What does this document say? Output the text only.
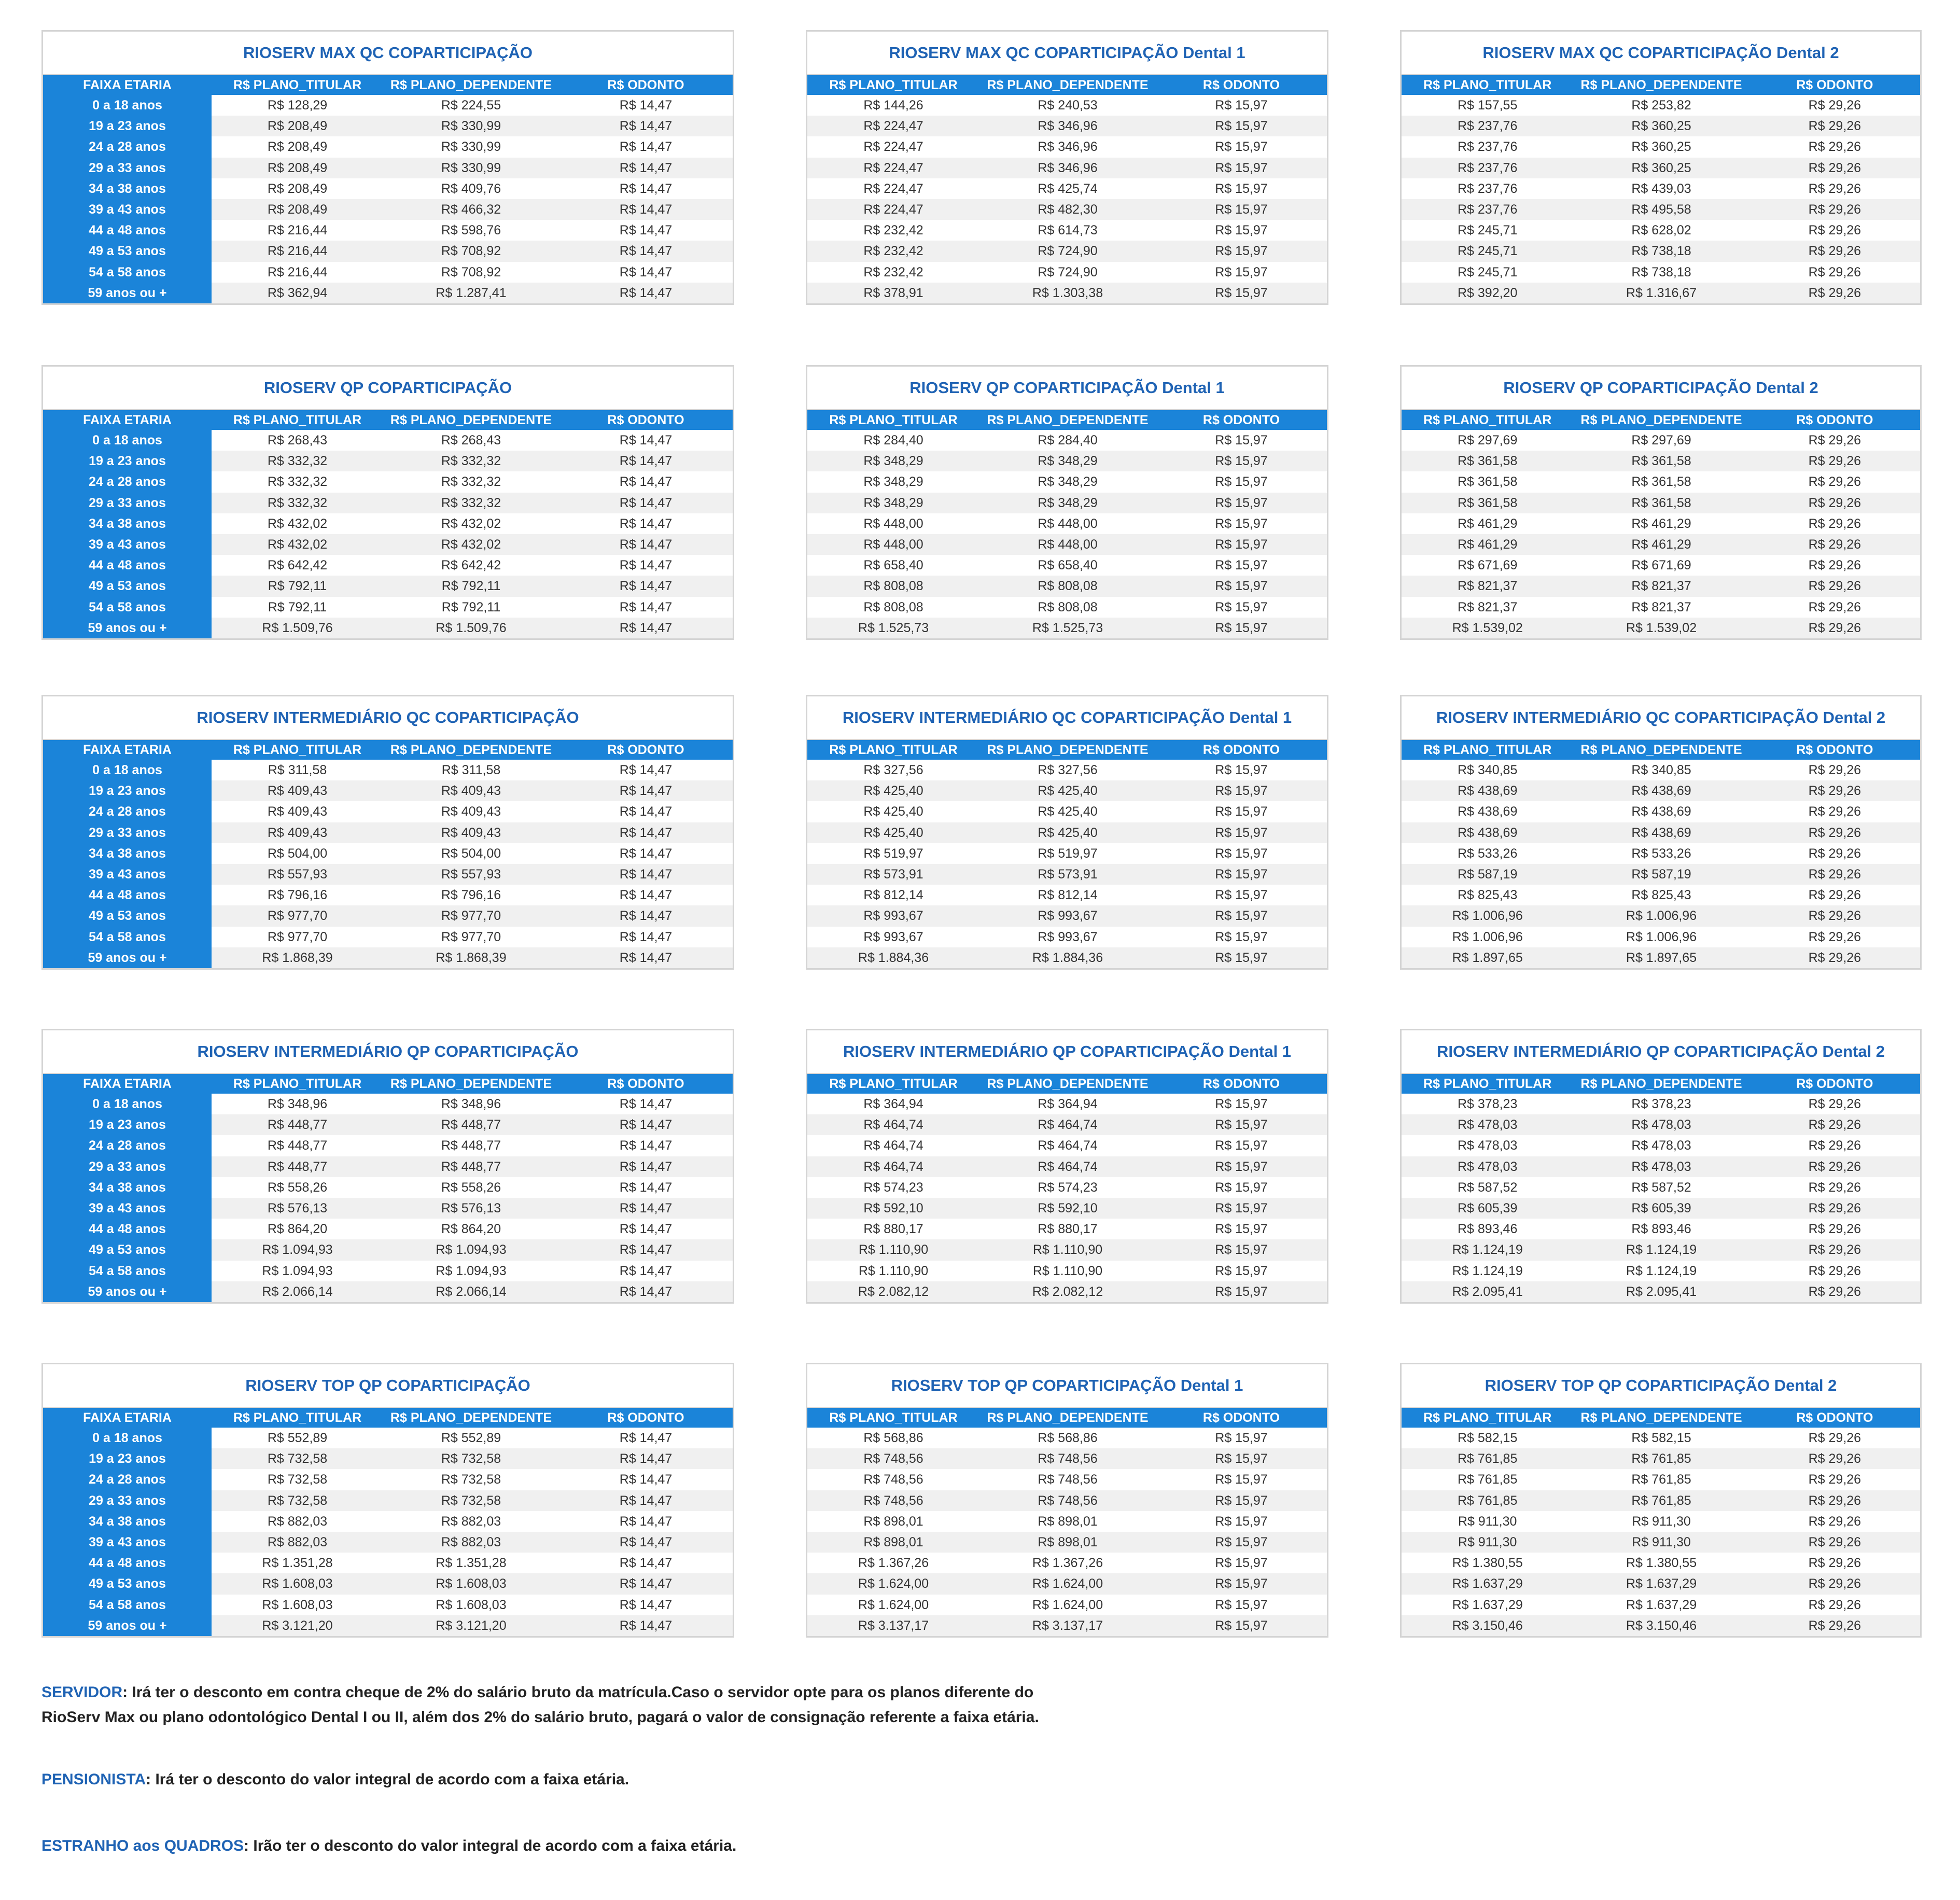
RIOSERV MAX QC COPARTICIPAÇÃO
FAIXA ETARIA	R$ PLANO_TITULAR	R$ PLANO_DEPENDENTE	R$ ODONTO
0 a 18 anos	R$ 128,29	R$ 224,55	R$ 14,47
19 a 23 anos	R$ 208,49	R$ 330,99	R$ 14,47
24 a 28 anos	R$ 208,49	R$ 330,99	R$ 14,47
29 a 33 anos	R$ 208,49	R$ 330,99	R$ 14,47
34 a 38 anos	R$ 208,49	R$ 409,76	R$ 14,47
39 a 43 anos	R$ 208,49	R$ 466,32	R$ 14,47
44 a 48 anos	R$ 216,44	R$ 598,76	R$ 14,47
49 a 53 anos	R$ 216,44	R$ 708,92	R$ 14,47
54 a 58 anos	R$ 216,44	R$ 708,92	R$ 14,47
59 anos ou +	R$ 362,94	R$ 1.287,41	R$ 14,47
RIOSERV MAX QC COPARTICIPAÇÃO Dental 1
R$ PLANO_TITULAR	R$ PLANO_DEPENDENTE	R$ ODONTO
R$ 144,26	R$ 240,53	R$ 15,97
R$ 224,47	R$ 346,96	R$ 15,97
R$ 224,47	R$ 346,96	R$ 15,97
R$ 224,47	R$ 346,96	R$ 15,97
R$ 224,47	R$ 425,74	R$ 15,97
R$ 224,47	R$ 482,30	R$ 15,97
R$ 232,42	R$ 614,73	R$ 15,97
R$ 232,42	R$ 724,90	R$ 15,97
R$ 232,42	R$ 724,90	R$ 15,97
R$ 378,91	R$ 1.303,38	R$ 15,97
RIOSERV MAX QC COPARTICIPAÇÃO Dental 2
R$ PLANO_TITULAR	R$ PLANO_DEPENDENTE	R$ ODONTO
R$ 157,55	R$ 253,82	R$ 29,26
R$ 237,76	R$ 360,25	R$ 29,26
R$ 237,76	R$ 360,25	R$ 29,26
R$ 237,76	R$ 360,25	R$ 29,26
R$ 237,76	R$ 439,03	R$ 29,26
R$ 237,76	R$ 495,58	R$ 29,26
R$ 245,71	R$ 628,02	R$ 29,26
R$ 245,71	R$ 738,18	R$ 29,26
R$ 245,71	R$ 738,18	R$ 29,26
R$ 392,20	R$ 1.316,67	R$ 29,26
RIOSERV QP COPARTICIPAÇÃO
FAIXA ETARIA	R$ PLANO_TITULAR	R$ PLANO_DEPENDENTE	R$ ODONTO
0 a 18 anos	R$ 268,43	R$ 268,43	R$ 14,47
19 a 23 anos	R$ 332,32	R$ 332,32	R$ 14,47
24 a 28 anos	R$ 332,32	R$ 332,32	R$ 14,47
29 a 33 anos	R$ 332,32	R$ 332,32	R$ 14,47
34 a 38 anos	R$ 432,02	R$ 432,02	R$ 14,47
39 a 43 anos	R$ 432,02	R$ 432,02	R$ 14,47
44 a 48 anos	R$ 642,42	R$ 642,42	R$ 14,47
49 a 53 anos	R$ 792,11	R$ 792,11	R$ 14,47
54 a 58 anos	R$ 792,11	R$ 792,11	R$ 14,47
59 anos ou +	R$ 1.509,76	R$ 1.509,76	R$ 14,47
RIOSERV QP COPARTICIPAÇÃO Dental 1
R$ PLANO_TITULAR	R$ PLANO_DEPENDENTE	R$ ODONTO
R$ 284,40	R$ 284,40	R$ 15,97
R$ 348,29	R$ 348,29	R$ 15,97
R$ 348,29	R$ 348,29	R$ 15,97
R$ 348,29	R$ 348,29	R$ 15,97
R$ 448,00	R$ 448,00	R$ 15,97
R$ 448,00	R$ 448,00	R$ 15,97
R$ 658,40	R$ 658,40	R$ 15,97
R$ 808,08	R$ 808,08	R$ 15,97
R$ 808,08	R$ 808,08	R$ 15,97
R$ 1.525,73	R$ 1.525,73	R$ 15,97
RIOSERV QP COPARTICIPAÇÃO Dental 2
R$ PLANO_TITULAR	R$ PLANO_DEPENDENTE	R$ ODONTO
R$ 297,69	R$ 297,69	R$ 29,26
R$ 361,58	R$ 361,58	R$ 29,26
R$ 361,58	R$ 361,58	R$ 29,26
R$ 361,58	R$ 361,58	R$ 29,26
R$ 461,29	R$ 461,29	R$ 29,26
R$ 461,29	R$ 461,29	R$ 29,26
R$ 671,69	R$ 671,69	R$ 29,26
R$ 821,37	R$ 821,37	R$ 29,26
R$ 821,37	R$ 821,37	R$ 29,26
R$ 1.539,02	R$ 1.539,02	R$ 29,26
RIOSERV INTERMEDIÁRIO QC COPARTICIPAÇÃO
FAIXA ETARIA	R$ PLANO_TITULAR	R$ PLANO_DEPENDENTE	R$ ODONTO
0 a 18 anos	R$ 311,58	R$ 311,58	R$ 14,47
19 a 23 anos	R$ 409,43	R$ 409,43	R$ 14,47
24 a 28 anos	R$ 409,43	R$ 409,43	R$ 14,47
29 a 33 anos	R$ 409,43	R$ 409,43	R$ 14,47
34 a 38 anos	R$ 504,00	R$ 504,00	R$ 14,47
39 a 43 anos	R$ 557,93	R$ 557,93	R$ 14,47
44 a 48 anos	R$ 796,16	R$ 796,16	R$ 14,47
49 a 53 anos	R$ 977,70	R$ 977,70	R$ 14,47
54 a 58 anos	R$ 977,70	R$ 977,70	R$ 14,47
59 anos ou +	R$ 1.868,39	R$ 1.868,39	R$ 14,47
RIOSERV INTERMEDIÁRIO QC COPARTICIPAÇÃO Dental 1
R$ PLANO_TITULAR	R$ PLANO_DEPENDENTE	R$ ODONTO
R$ 327,56	R$ 327,56	R$ 15,97
R$ 425,40	R$ 425,40	R$ 15,97
R$ 425,40	R$ 425,40	R$ 15,97
R$ 425,40	R$ 425,40	R$ 15,97
R$ 519,97	R$ 519,97	R$ 15,97
R$ 573,91	R$ 573,91	R$ 15,97
R$ 812,14	R$ 812,14	R$ 15,97
R$ 993,67	R$ 993,67	R$ 15,97
R$ 993,67	R$ 993,67	R$ 15,97
R$ 1.884,36	R$ 1.884,36	R$ 15,97
RIOSERV INTERMEDIÁRIO QC COPARTICIPAÇÃO Dental 2
R$ PLANO_TITULAR	R$ PLANO_DEPENDENTE	R$ ODONTO
R$ 340,85	R$ 340,85	R$ 29,26
R$ 438,69	R$ 438,69	R$ 29,26
R$ 438,69	R$ 438,69	R$ 29,26
R$ 438,69	R$ 438,69	R$ 29,26
R$ 533,26	R$ 533,26	R$ 29,26
R$ 587,19	R$ 587,19	R$ 29,26
R$ 825,43	R$ 825,43	R$ 29,26
R$ 1.006,96	R$ 1.006,96	R$ 29,26
R$ 1.006,96	R$ 1.006,96	R$ 29,26
R$ 1.897,65	R$ 1.897,65	R$ 29,26
RIOSERV INTERMEDIÁRIO QP COPARTICIPAÇÃO
FAIXA ETARIA	R$ PLANO_TITULAR	R$ PLANO_DEPENDENTE	R$ ODONTO
0 a 18 anos	R$ 348,96	R$ 348,96	R$ 14,47
19 a 23 anos	R$ 448,77	R$ 448,77	R$ 14,47
24 a 28 anos	R$ 448,77	R$ 448,77	R$ 14,47
29 a 33 anos	R$ 448,77	R$ 448,77	R$ 14,47
34 a 38 anos	R$ 558,26	R$ 558,26	R$ 14,47
39 a 43 anos	R$ 576,13	R$ 576,13	R$ 14,47
44 a 48 anos	R$ 864,20	R$ 864,20	R$ 14,47
49 a 53 anos	R$ 1.094,93	R$ 1.094,93	R$ 14,47
54 a 58 anos	R$ 1.094,93	R$ 1.094,93	R$ 14,47
59 anos ou +	R$ 2.066,14	R$ 2.066,14	R$ 14,47
RIOSERV INTERMEDIÁRIO QP COPARTICIPAÇÃO Dental 1
R$ PLANO_TITULAR	R$ PLANO_DEPENDENTE	R$ ODONTO
R$ 364,94	R$ 364,94	R$ 15,97
R$ 464,74	R$ 464,74	R$ 15,97
R$ 464,74	R$ 464,74	R$ 15,97
R$ 464,74	R$ 464,74	R$ 15,97
R$ 574,23	R$ 574,23	R$ 15,97
R$ 592,10	R$ 592,10	R$ 15,97
R$ 880,17	R$ 880,17	R$ 15,97
R$ 1.110,90	R$ 1.110,90	R$ 15,97
R$ 1.110,90	R$ 1.110,90	R$ 15,97
R$ 2.082,12	R$ 2.082,12	R$ 15,97
RIOSERV INTERMEDIÁRIO QP COPARTICIPAÇÃO Dental 2
R$ PLANO_TITULAR	R$ PLANO_DEPENDENTE	R$ ODONTO
R$ 378,23	R$ 378,23	R$ 29,26
R$ 478,03	R$ 478,03	R$ 29,26
R$ 478,03	R$ 478,03	R$ 29,26
R$ 478,03	R$ 478,03	R$ 29,26
R$ 587,52	R$ 587,52	R$ 29,26
R$ 605,39	R$ 605,39	R$ 29,26
R$ 893,46	R$ 893,46	R$ 29,26
R$ 1.124,19	R$ 1.124,19	R$ 29,26
R$ 1.124,19	R$ 1.124,19	R$ 29,26
R$ 2.095,41	R$ 2.095,41	R$ 29,26
RIOSERV TOP QP COPARTICIPAÇÃO
FAIXA ETARIA	R$ PLANO_TITULAR	R$ PLANO_DEPENDENTE	R$ ODONTO
0 a 18 anos	R$ 552,89	R$ 552,89	R$ 14,47
19 a 23 anos	R$ 732,58	R$ 732,58	R$ 14,47
24 a 28 anos	R$ 732,58	R$ 732,58	R$ 14,47
29 a 33 anos	R$ 732,58	R$ 732,58	R$ 14,47
34 a 38 anos	R$ 882,03	R$ 882,03	R$ 14,47
39 a 43 anos	R$ 882,03	R$ 882,03	R$ 14,47
44 a 48 anos	R$ 1.351,28	R$ 1.351,28	R$ 14,47
49 a 53 anos	R$ 1.608,03	R$ 1.608,03	R$ 14,47
54 a 58 anos	R$ 1.608,03	R$ 1.608,03	R$ 14,47
59 anos ou +	R$ 3.121,20	R$ 3.121,20	R$ 14,47
RIOSERV TOP QP COPARTICIPAÇÃO Dental 1
R$ PLANO_TITULAR	R$ PLANO_DEPENDENTE	R$ ODONTO
R$ 568,86	R$ 568,86	R$ 15,97
R$ 748,56	R$ 748,56	R$ 15,97
R$ 748,56	R$ 748,56	R$ 15,97
R$ 748,56	R$ 748,56	R$ 15,97
R$ 898,01	R$ 898,01	R$ 15,97
R$ 898,01	R$ 898,01	R$ 15,97
R$ 1.367,26	R$ 1.367,26	R$ 15,97
R$ 1.624,00	R$ 1.624,00	R$ 15,97
R$ 1.624,00	R$ 1.624,00	R$ 15,97
R$ 3.137,17	R$ 3.137,17	R$ 15,97
RIOSERV TOP QP COPARTICIPAÇÃO Dental 2
R$ PLANO_TITULAR	R$ PLANO_DEPENDENTE	R$ ODONTO
R$ 582,15	R$ 582,15	R$ 29,26
R$ 761,85	R$ 761,85	R$ 29,26
R$ 761,85	R$ 761,85	R$ 29,26
R$ 761,85	R$ 761,85	R$ 29,26
R$ 911,30	R$ 911,30	R$ 29,26
R$ 911,30	R$ 911,30	R$ 29,26
R$ 1.380,55	R$ 1.380,55	R$ 29,26
R$ 1.637,29	R$ 1.637,29	R$ 29,26
R$ 1.637,29	R$ 1.637,29	R$ 29,26
R$ 3.150,46	R$ 3.150,46	R$ 29,26
SERVIDOR: Irá ter o desconto em contra cheque de 2% do salário bruto da matrícula.Caso o servidor opte para os planos diferente do
RioServ Max ou plano odontológico Dental I ou II, além dos 2% do salário bruto, pagará o valor de consignação referente a faixa etária.
PENSIONISTA: Irá ter o desconto do valor integral de acordo com a faixa etária.
ESTRANHO aos QUADROS: Irão ter o desconto do valor integral de acordo com a faixa etária.
